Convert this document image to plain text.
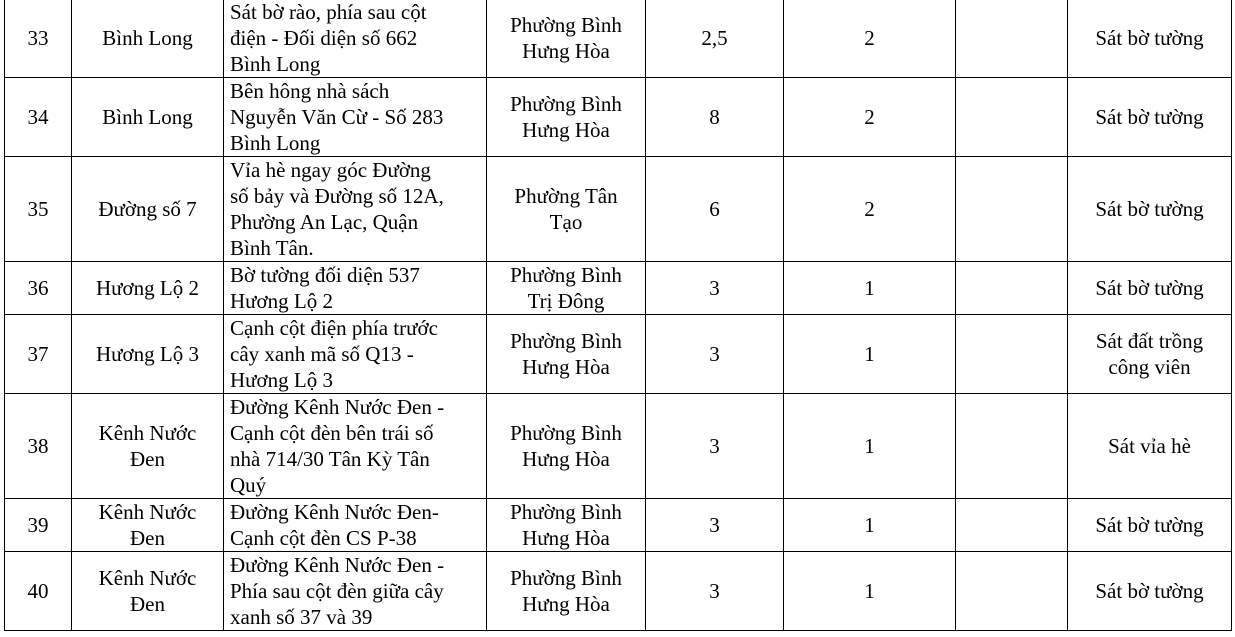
33	Bình Long	Sát bờ rào, phía sau cột
điện - Đối diện số 662
Bình Long	Phường Bình
Hưng Hòa	2,5	2		Sát bờ tường
34	Bình Long	Bên hông nhà sách
Nguyễn Văn Cừ - Số 283
Bình Long	Phường Bình
Hưng Hòa	8	2		Sát bờ tường
35	Đường số 7	Vỉa hè ngay góc Đường
số bảy và Đường số 12A,
Phường An Lạc, Quận
Bình Tân.	Phường Tân
Tạo	6	2		Sát bờ tường
36	Hương Lộ 2	Bờ tường đối diện 537
Hương Lộ 2	Phường Bình
Trị Đông	3	1		Sát bờ tường
37	Hương Lộ 3	Cạnh cột điện phía trước
cây xanh mã số Q13 -
Hương Lộ 3	Phường Bình
Hưng Hòa	3	1		Sát đất trồng
công viên
38	Kênh Nước
Đen	Đường Kênh Nước Đen -
Cạnh cột đèn bên trái số
nhà 714/30 Tân Kỳ Tân
Quý	Phường Bình
Hưng Hòa	3	1		Sát vỉa hè
39	Kênh Nước
Đen	Đường Kênh Nước Đen-
Cạnh cột đèn CS P-38	Phường Bình
Hưng Hòa	3	1		Sát bờ tường
40	Kênh Nước
Đen	Đường Kênh Nước Đen -
Phía sau cột đèn giữa cây
xanh số 37 và 39	Phường Bình
Hưng Hòa	3	1		Sát bờ tường
